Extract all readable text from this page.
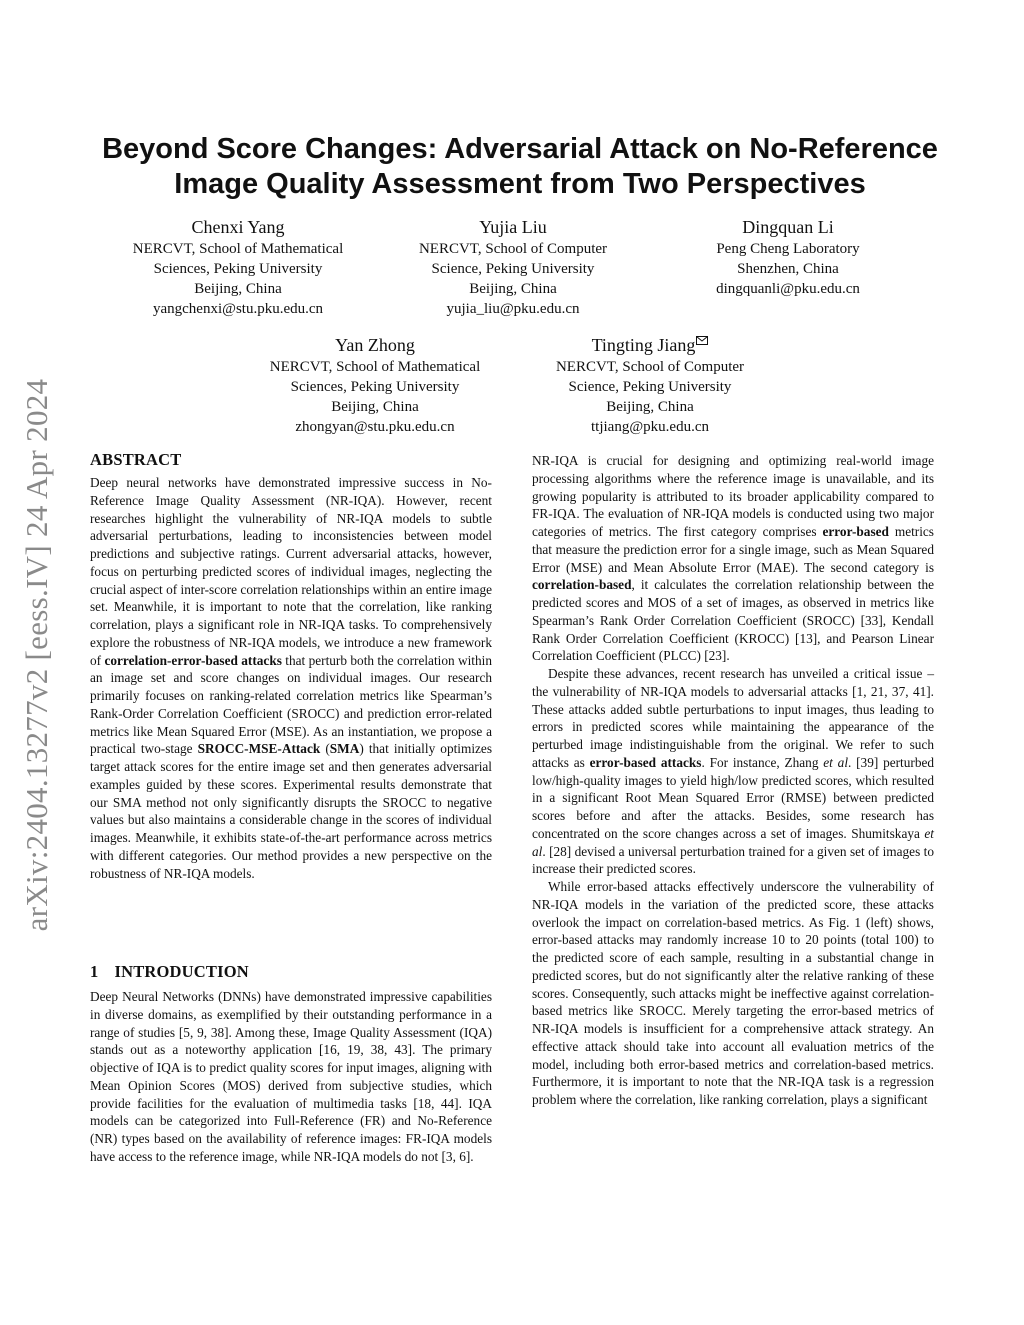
arXiv:2404.13277v2 [eess.IV] 24 Apr 2024
Beyond Score Changes: Adversarial Attack on No-Reference
Image Quality Assessment from Two Perspectives
Chenxi Yang
NERCVT, School of Mathematical
Sciences, Peking University
Beijing, China
yangchenxi@stu.pku.edu.cn
Yujia Liu
NERCVT, School of Computer
Science, Peking University
Beijing, China
yujia_liu@pku.edu.cn
Dingquan Li
Peng Cheng Laboratory
Shenzhen, China
dingquanli@pku.edu.cn
Yan Zhong
NERCVT, School of Mathematical
Sciences, Peking University
Beijing, China
zhongyan@stu.pku.edu.cn
Tingting Jiang
NERCVT, School of Computer
Science, Peking University
Beijing, China
ttjiang@pku.edu.cn
ABSTRACT

Deep neural networks have demonstrated impressive success in No-Reference Image Quality Assessment (NR-IQA). However, recent researches highlight the vulnerability of NR-IQA models to subtle adversarial perturbations, leading to inconsistencies between model predictions and subjective ratings. Current adversarial attacks, however, focus on perturbing predicted scores of individual images, neglecting the crucial aspect of inter-score correlation relationships within an entire image set. Meanwhile, it is important to note that the correlation, like ranking correlation, plays a significant role in NR-IQA tasks. To comprehensively explore the robustness of NR-IQA models, we introduce a new framework of correlation-error-based attacks that perturb both the correlation within an image set and score changes on individual images. Our research primarily focuses on ranking-related correlation metrics like Spearman’s Rank-Order Correlation Coefficient (SROCC) and prediction error-related metrics like Mean Squared Error (MSE). As an instantiation, we propose a practical two-stage SROCC-MSE-Attack (SMA) that initially optimizes target attack scores for the entire image set and then generates adversarial examples guided by these scores. Experimental results demonstrate that our SMA method not only significantly disrupts the SROCC to negative values but also maintains a considerable change in the scores of individual images. Meanwhile, it exhibits state-of-the-art performance across metrics with different categories. Our method provides a new perspective on the robustness of NR-IQA models.

1 INTRODUCTION

Deep Neural Networks (DNNs) have demonstrated impressive capabilities in diverse domains, as exemplified by their outstanding performance in a range of studies [5, 9, 38]. Among these, Image Quality Assessment (IQA) stands out as a noteworthy application [16, 19, 38, 43]. The primary objective of IQA is to predict quality scores for input images, aligning with Mean Opinion Scores (MOS) derived from subjective studies, which provide facilities for the evaluation of multimedia tasks [18, 44]. IQA models can be categorized into Full-Reference (FR) and No-Reference (NR) types based on the availability of reference images: FR-IQA models have access to the reference image, while NR-IQA models do not [3, 6].

NR-IQA is crucial for designing and optimizing real-world image processing algorithms where the reference image is unavailable, and its growing popularity is attributed to its broader applicability compared to FR-IQA. The evaluation of NR-IQA models is conducted using two major categories of metrics. The first category comprises error-based metrics that measure the prediction error for a single image, such as Mean Squared Error (MSE) and Mean Absolute Error (MAE). The second category is correlation-based, it calculates the correlation relationship between the predicted scores and MOS of a set of images, as observed in metrics like Spearman’s Rank Order Correlation Coefficient (SROCC) [33], Kendall Rank Order Correlation Coefficient (KROCC) [13], and Pearson Linear Correlation Coefficient (PLCC) [23].

Despite these advances, recent research has unveiled a critical issue – the vulnerability of NR-IQA models to adversarial attacks [1, 21, 37, 41]. These attacks added subtle perturbations to input images, thus leading to errors in predicted scores while maintaining the appearance of the perturbed image indistinguishable from the original. We refer to such attacks as error-based attacks. For instance, Zhang et al. [39] perturbed low/high-quality images to yield high/low predicted scores, which resulted in a significant Root Mean Squared Error (RMSE) between predicted scores before and after the attacks. Besides, some research has concentrated on the score changes across a set of images. Shumitskaya et al. [28] devised a universal perturbation trained for a given set of images to increase their predicted scores.

While error-based attacks effectively underscore the vulnerability of NR-IQA models in the variation of the predicted score, these attacks overlook the impact on correlation-based metrics. As Fig. 1 (left) shows, error-based attacks may randomly increase 10 to 20 points (total 100) to the predicted score of each sample, resulting in a substantial change in predicted scores, but do not significantly alter the relative ranking of these scores. Consequently, such attacks might be ineffective against correlation-based metrics like SROCC. Merely targeting the error-based metrics of NR-IQA models is insufficient for a comprehensive attack strategy. An effective attack should take into account all evaluation metrics of the model, including both error-based metrics and correlation-based metrics. Furthermore, it is important to note that the NR-IQA task is a regression problem where the correlation, like ranking correlation, plays a significant
